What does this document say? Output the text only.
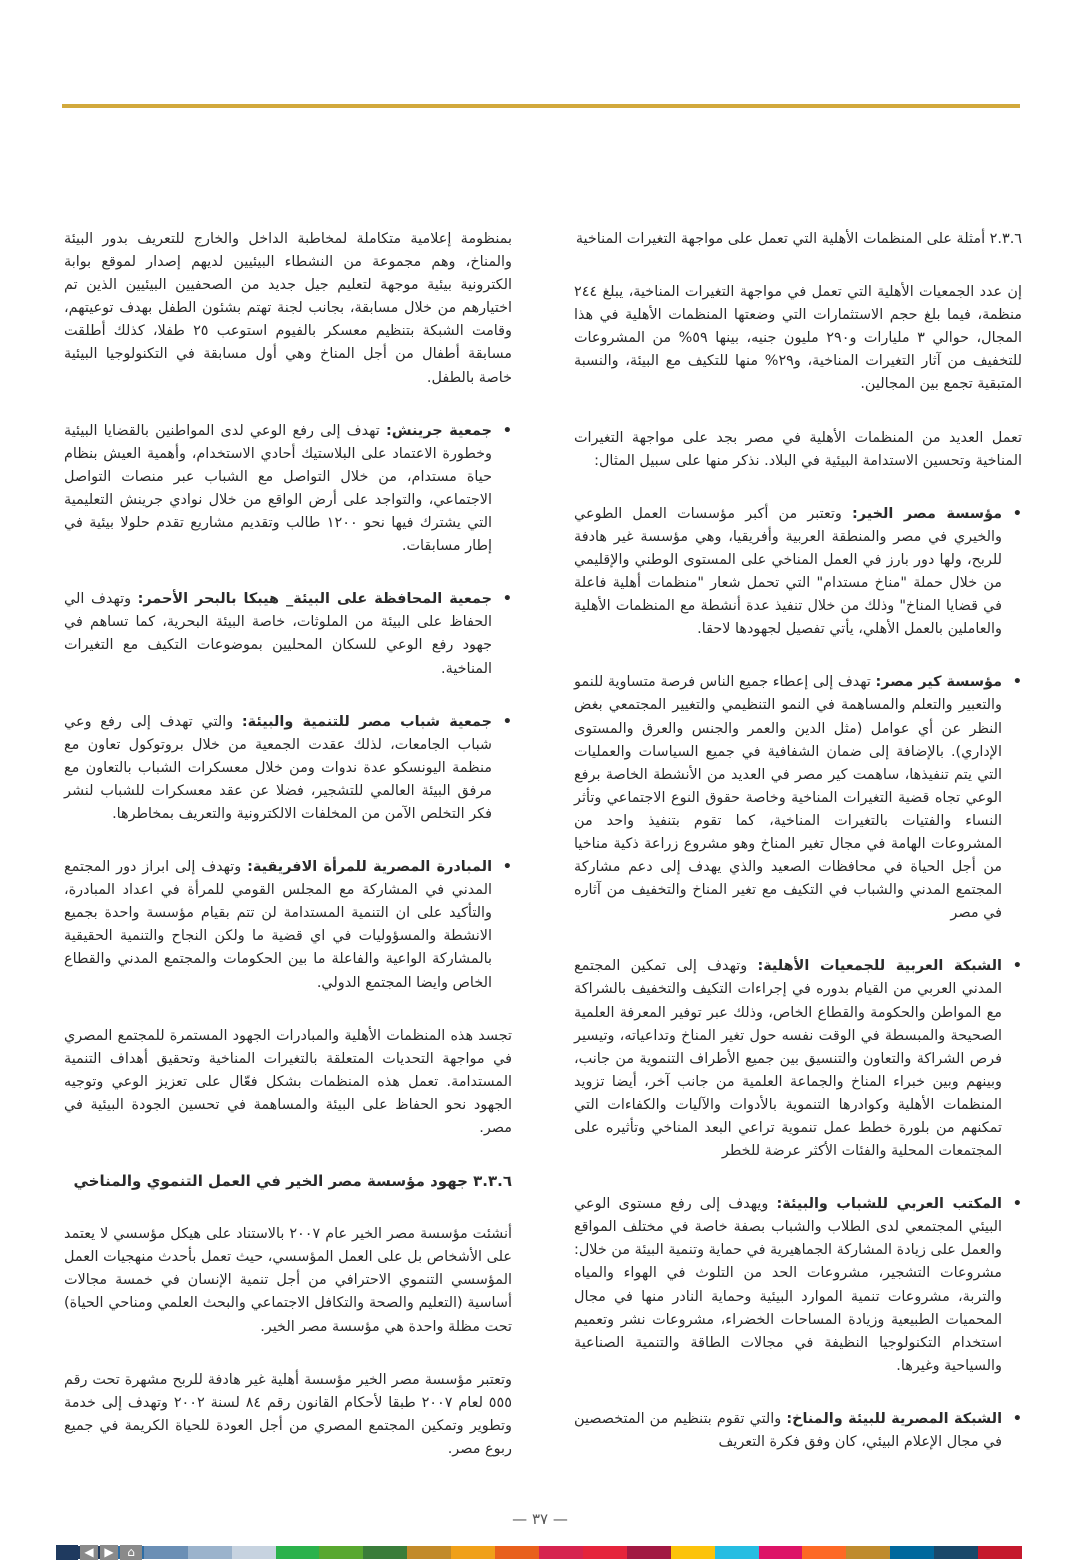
٢.٣.٦ أمثلة على المنظمات الأهلية التي تعمل على مواجهة التغيرات المناخية

إن عدد الجمعيات الأهلية التي تعمل في مواجهة التغيرات المناخية، يبلغ ٢٤٤ منظمة، فيما بلغ حجم الاستثمارات التي وضعتها المنظمات الأهلية في هذا المجال، حوالي ٣ مليارات و٢٩٠ مليون جنيه، بينها ٥٩% من المشروعات للتخفيف من آثار التغيرات المناخية، و٢٩% منها للتكيف مع البيئة، والنسبة المتبقية تجمع بين المجالين.

تعمل العديد من المنظمات الأهلية في مصر بجد على مواجهة التغيرات المناخية وتحسين الاستدامة البيئية في البلاد. نذكر منها على سبيل المثال:

•
مؤسسة مصر الخير: وتعتبر من أكبر مؤسسات العمل الطوعي والخيري في مصر والمنطقة العربية وأفريقيا، وهي مؤسسة غير هادفة للربح، ولها دور بارز في العمل المناخي على المستوى الوطني والإقليمي من خلال حملة "مناخ مستدام" التي تحمل شعار "منظمات أهلية فاعلة في قضايا المناخ" وذلك من خلال تنفيذ عدة أنشطة مع المنظمات الأهلية والعاملين بالعمل الأهلي، يأتي تفصيل لجهودها لاحقا.
•
مؤسسة كير مصر: تهدف إلى إعطاء جميع الناس فرصة متساوية للنمو والتعبير والتعلم والمساهمة في النمو التنظيمي والتغيير المجتمعي بغض النظر عن أي عوامل (مثل الدين والعمر والجنس والعرق والمستوى الإداري). بالإضافة إلى ضمان الشفافية في جميع السياسات والعمليات التي يتم تنفيذها، ساهمت كير مصر في العديد من الأنشطة الخاصة برفع الوعي تجاه قضية التغيرات المناخية وخاصة حقوق النوع الاجتماعي وتأثر النساء والفتيات بالتغيرات المناخية، كما تقوم بتنفيذ واحد من المشروعات الهامة في مجال تغير المناخ وهو مشروع زراعة ذكية مناخيا من أجل الحياة في محافظات الصعيد والذي يهدف إلى دعم مشاركة المجتمع المدني والشباب في التكيف مع تغير المناخ والتخفيف من آثاره في مصر
•
الشبكة العربية للجمعيات الأهلية: وتهدف إلى تمكين المجتمع المدني العربي من القيام بدوره في إجراءات التكيف والتخفيف بالشراكة مع المواطن والحكومة والقطاع الخاص، وذلك عبر توفير المعرفة العلمية الصحيحة والمبسطة في الوقت نفسه حول تغير المناخ وتداعياته، وتيسير فرص الشراكة والتعاون والتنسيق بين جميع الأطراف التنموية من جانب، وبينهم وبين خبراء المناخ والجماعة العلمية من جانب آخر، أيضا تزويد المنظمات الأهلية وكوادرها التنموية بالأدوات والآليات والكفاءات التي تمكنهم من بلورة خطط عمل تنموية تراعي البعد المناخي وتأثيره على المجتمعات المحلية والفئات الأكثر عرضة للخطر
•
المكتب العربي للشباب والبيئة: ويهدف إلى رفع مستوى الوعي البيئي المجتمعي لدى الطلاب والشباب بصفة خاصة في مختلف المواقع والعمل على زيادة المشاركة الجماهيرية في حماية وتنمية البيئة من خلال: مشروعات التشجير، مشروعات الحد من التلوث في الهواء والمياه والتربة، مشروعات تنمية الموارد البيئية وحماية النادر منها في مجال المحميات الطبيعية وزيادة المساحات الخضراء، مشروعات نشر وتعميم استخدام التكنولوجيا النظيفة في مجالات الطاقة والتنمية الصناعية والسياحية وغيرها.
•
الشبكة المصرية للبيئة والمناخ: والتي تقوم بتنظيم من المتخصصين في مجال الإعلام البيئي، كان وفق فكرة التعريف

بمنظومة إعلامية متكاملة لمخاطبة الداخل والخارج للتعريف بدور البيئة والمناخ، وهم مجموعة من النشطاء البيئيين لديهم إصدار لموقع بوابة الكترونية بيئية موجهة لتعليم جيل جديد من الصحفيين البيئيين الذين تم اختيارهم من خلال مسابقة، بجانب لجنة تهتم بشئون الطفل بهدف توعيتهم، وقامت الشبكة بتنظيم معسكر بالفيوم استوعب ٢٥ طفلا، كذلك أطلقت مسابقة أطفال من أجل المناخ وهي أول مسابقة في التكنولوجيا البيئية خاصة بالطفل.

•
جمعية جرينش: تهدف إلى رفع الوعي لدى المواطنين بالقضايا البيئية وخطورة الاعتماد على البلاستيك أحادي الاستخدام، وأهمية العيش بنظام حياة مستدام، من خلال التواصل مع الشباب عبر منصات التواصل الاجتماعي، والتواجد على أرض الواقع من خلال نوادي جرينش التعليمية التي يشترك فيها نحو ١٢٠٠ طالب وتقديم مشاريع تقدم حلولا بيئية في إطار مسابقات.
•
جمعية المحافظة على البيئة_ هيبكا بالبحر الأحمر: وتهدف الي الحفاظ على البيئة من الملوثات، خاصة البيئة البحرية، كما تساهم في جهود رفع الوعي للسكان المحليين بموضوعات التكيف مع التغيرات المناخية.
•
جمعية شباب مصر للتنمية والبيئة: والتي تهدف إلى رفع وعي شباب الجامعات، لذلك عقدت الجمعية من خلال بروتوكول تعاون مع منظمة اليونسكو عدة ندوات ومن خلال معسكرات الشباب بالتعاون مع مرفق البيئة العالمي للتشجير، فضلا عن عقد معسكرات للشباب لنشر فكر التخلص الآمن من المخلفات الالكترونية والتعريف بمخاطرها.
•
المبادرة المصرية للمرأة الافريقية: وتهدف إلى ابراز دور المجتمع المدني في المشاركة مع المجلس القومي للمرأة في اعداد المبادرة، والتأكيد على ان التنمية المستدامة لن تتم بقيام مؤسسة واحدة بجميع الانشطة والمسؤوليات في اي قضية ما ولكن النجاح والتنمية الحقيقية بالمشاركة الواعية والفاعلة ما بين الحكومات والمجتمع المدني والقطاع الخاص وايضا المجتمع الدولي.

تجسد هذه المنظمات الأهلية والمبادرات الجهود المستمرة للمجتمع المصري في مواجهة التحديات المتعلقة بالتغيرات المناخية وتحقيق أهداف التنمية المستدامة. تعمل هذه المنظمات بشكل فعّال على تعزيز الوعي وتوجيه الجهود نحو الحفاظ على البيئة والمساهمة في تحسين الجودة البيئية في مصر.

٣.٣.٦ جهود مؤسسة مصر الخير في العمل التنموي والمناخي

أنشئت مؤسسة مصر الخير عام ٢٠٠٧ بالاستناد على هيكل مؤسسي لا يعتمد على الأشخاص بل على العمل المؤسسي، حيث تعمل بأحدث منهجيات العمل المؤسسي التنموي الاحترافي من أجل تنمية الإنسان في خمسة مجالات أساسية (التعليم والصحة والتكافل الاجتماعي والبحث العلمي ومناحي الحياة) تحت مظلة واحدة هي مؤسسة مصر الخير.

وتعتبر مؤسسة مصر الخير مؤسسة أهلية غير هادفة للربح مشهرة تحت رقم ٥٥٥ لعام ٢٠٠٧ طبقا لأحكام القانون رقم ٨٤ لسنة ٢٠٠٢ وتهدف إلى خدمة وتطوير وتمكين المجتمع المصري من أجل العودة للحياة الكريمة في جميع ربوع مصر.

— ٣٧ —
◀ ▶	⌂
